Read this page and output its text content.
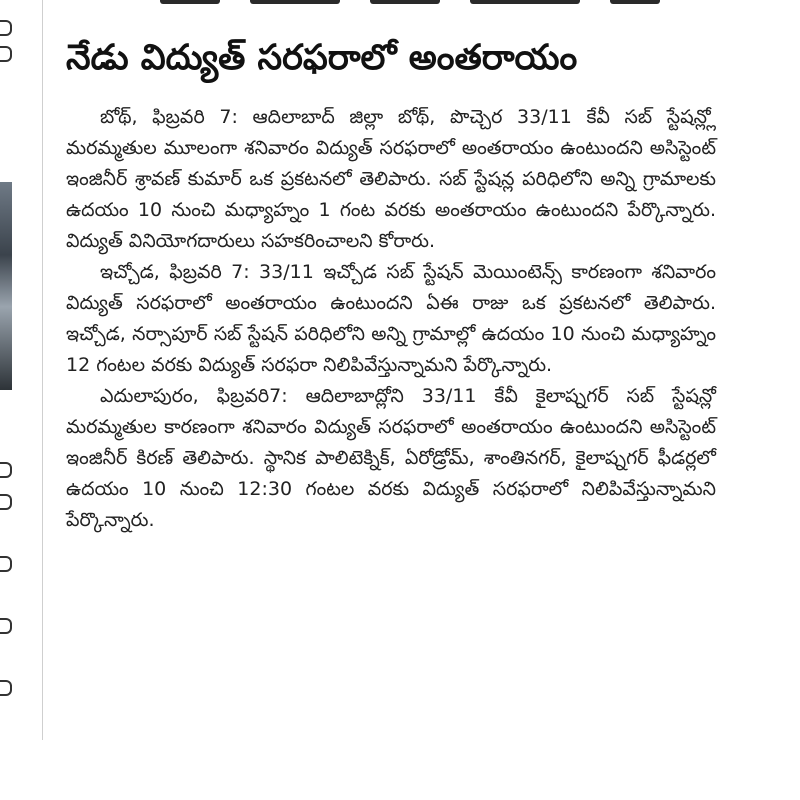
నేడు విద్యుత్ సరఫరాలో అంతరాయం

బోథ్, ఫిబ్రవరి 7: ఆదిలాబాద్ జిల్లా బోథ్, పొచ్చెర 33/11 కేవీ సబ్ స్టేషన్ల్లో మరమ్మతుల మూలంగా శనివారం విద్యుత్ సరఫరాలో అంతరాయం ఉంటుందని అసిస్టెంట్ ఇంజినీర్ శ్రావణ్ కుమార్ ఒక ప్రకటనలో తెలిపారు. సబ్ స్టేషన్ల పరిధిలోని అన్ని గ్రామాలకు ఉదయం 10 నుంచి మధ్యాహ్నం 1 గంట వరకు అంతరాయం ఉంటుందని పేర్కొన్నారు. విద్యుత్ వినియోగదారులు సహకరించాలని కోరారు.

ఇచ్చోడ, ఫిబ్రవరి 7: 33/11 ఇచ్చోడ సబ్ స్టేషన్ మెయింటెన్స్ కారణంగా శనివారం విద్యుత్ సరఫరాలో అంతరాయం ఉంటుందని ఏఈ రాజు ఒక ప్రకటనలో తెలిపారు. ఇచ్చోడ, నర్సాపూర్ సబ్ స్టేషన్ పరిధిలోని అన్ని గ్రామాల్లో ఉదయం 10 నుంచి మధ్యాహ్నం 12 గంటల వరకు విద్యుత్ సరఫరా నిలిపివేస్తున్నామని పేర్కొన్నారు.

ఎదులాపురం, ఫిబ్రవరి7: ఆదిలాబాద్లోని 33/11 కేవీ కైలాష్నగర్ సబ్ స్టేషన్లో మరమ్మతుల కారణంగా శనివారం విద్యుత్ సరఫరాలో అంతరాయం ఉంటుందని అసిస్టెంట్ ఇంజినీర్ కిరణ్ తెలిపారు. స్థానిక పాలిటెక్నిక్, ఏరోడ్రోమ్, శాంతినగర్, కైలాష్నగర్ ఫీడర్లలో ఉదయం 10 నుంచి 12:30 గంటల వరకు విద్యుత్ సరఫరాలో నిలిపివేస్తున్నామని పేర్కొన్నారు.
